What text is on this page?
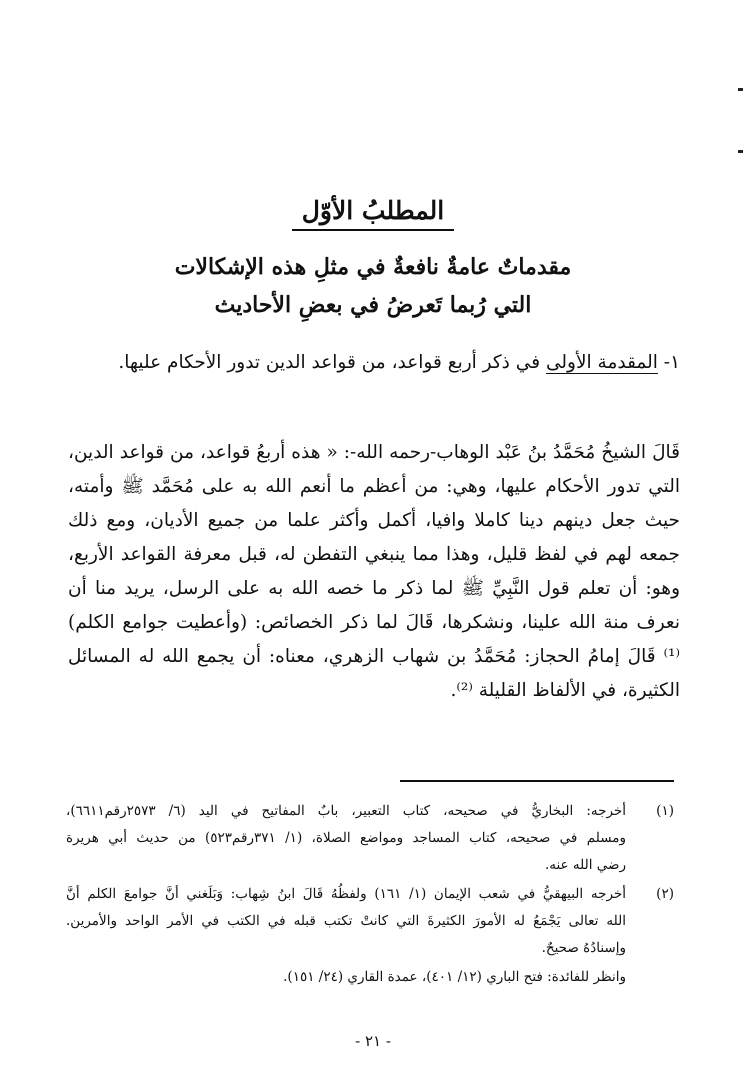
المطلبُ الأوّل
مقدماتٌ عامةٌ نافعةٌ في مثلِ هذه الإشكالات
التي رُبما تَعرضُ في بعضِ الأحاديث
١- المقدمة الأولى في ذكر أربع قواعد، من قواعد الدين تدور الأحكام عليها.
قَالَ الشيخُ مُحَمَّدُ بنُ عَبْد الوهاب-رحمه الله-: « هذه أربعُ قواعد، من قواعد الدين، التي تدور الأحكام عليها، وهي: من أعظم ما أنعم الله به على مُحَمَّد ﷺ وأمته، حيث جعل دينهم دينا كاملا وافيا، أكمل وأكثر علما من جميع الأديان، ومع ذلك جمعه لهم في لفظ قليل، وهذا مما ينبغي التفطن له، قبل معرفة القواعد الأربع، وهو: أن تعلم قول النَّبِيِّ ﷺ لما ذكر ما خصه الله به على الرسل، يريد منا أن نعرف منة الله علينا، ونشكرها، قَالَ لما ذكر الخصائص: (وأعطيت جوامع الكلم) ⁽¹⁾ قَالَ إمامُ الحجاز: مُحَمَّدُ بن شهاب الزهري، معناه: أن يجمع الله له المسائل الكثيرة، في الألفاظ القليلة ⁽²⁾.
(١)
أخرجه: البخاريُّ في صحيحه، كتاب التعبير، بابٌ المفاتيح في اليد (٦/ ٢٥٧٣رقم٦٦١١)،
ومسلم في صحيحه، كتاب المساجد ومواضع الصلاة، (١/ ٣٧١رقم٥٢٣) من حديث أبي هريرة
رضي الله عنه.
(٢)
أخرجه البيهقيُّ في شعب الإيمان (١/ ١٦١) ولفظُهُ قَالَ ابنُ شِهاب: وَبَلَغني أنَّ جوامعَ الكلم أنَّ
الله تعالى يَجْمَعُ له الأمورَ الكثيرةَ التي كانتْ تكتب قبله في الكتب في الأمر الواحد والأمرين.
وإسنادُهُ صحيحٌ.
وانظر للفائدة: فتح الباري (١٢/ ٤٠١)، عمدة القاري (٢٤/ ١٥١).
- ٢١ -
